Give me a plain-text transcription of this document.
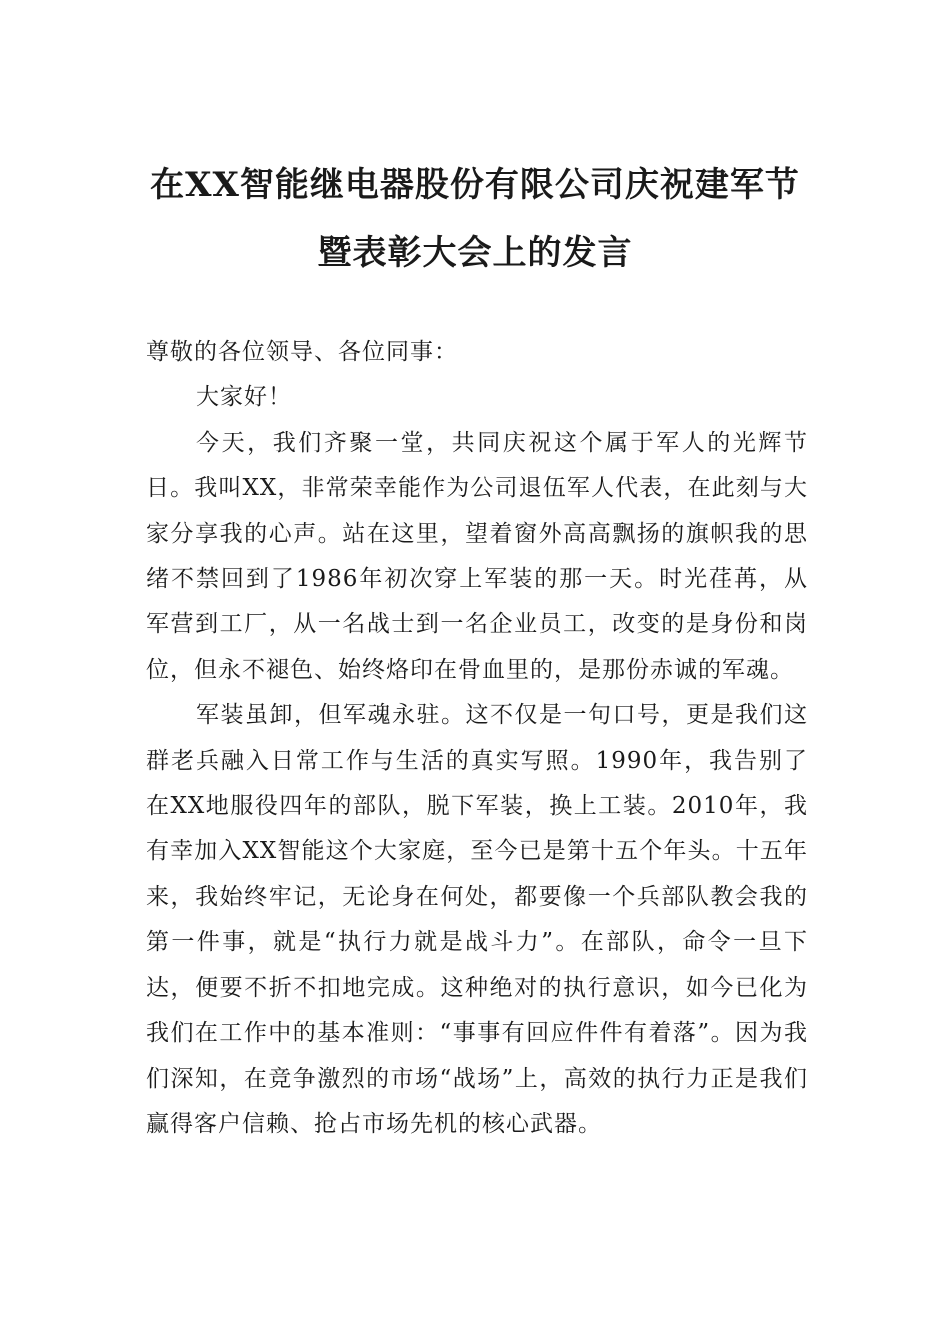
在XX智能继电器股份有限公司庆祝建军节
暨表彰大会上的发言

尊敬的各位领导、各位同事：

大家好！

今天，我们齐聚一堂，共同庆祝这个属于军人的光辉节日。我叫XX，非常荣幸能作为公司退伍军人代表，在此刻与大家分享我的心声。站在这里，望着窗外高高飘扬的旗帜我的思绪不禁回到了1986年初次穿上军装的那一天。时光荏苒，从军营到工厂，从一名战士到一名企业员工，改变的是身份和岗位，但永不褪色、始终烙印在骨血里的，是那份赤诚的军魂。

军装虽卸，但军魂永驻。这不仅是一句口号，更是我们这群老兵融入日常工作与生活的真实写照。1990年，我告别了在XX地服役四年的部队，脱下军装，换上工装。2010年，我有幸加入XX智能这个大家庭，至今已是第十五个年头。十五年来，我始终牢记，无论身在何处，都要像一个兵部队教会我的第一件事，就是“执行力就是战斗力”。在部队，命令一旦下达，便要不折不扣地完成。这种绝对的执行意识，如今已化为我们在工作中的基本准则：“事事有回应件件有着落”。因为我们深知，在竞争激烈的市场“战场”上，高效的执行力正是我们赢得客户信赖、抢占市场先机的核心武器。
